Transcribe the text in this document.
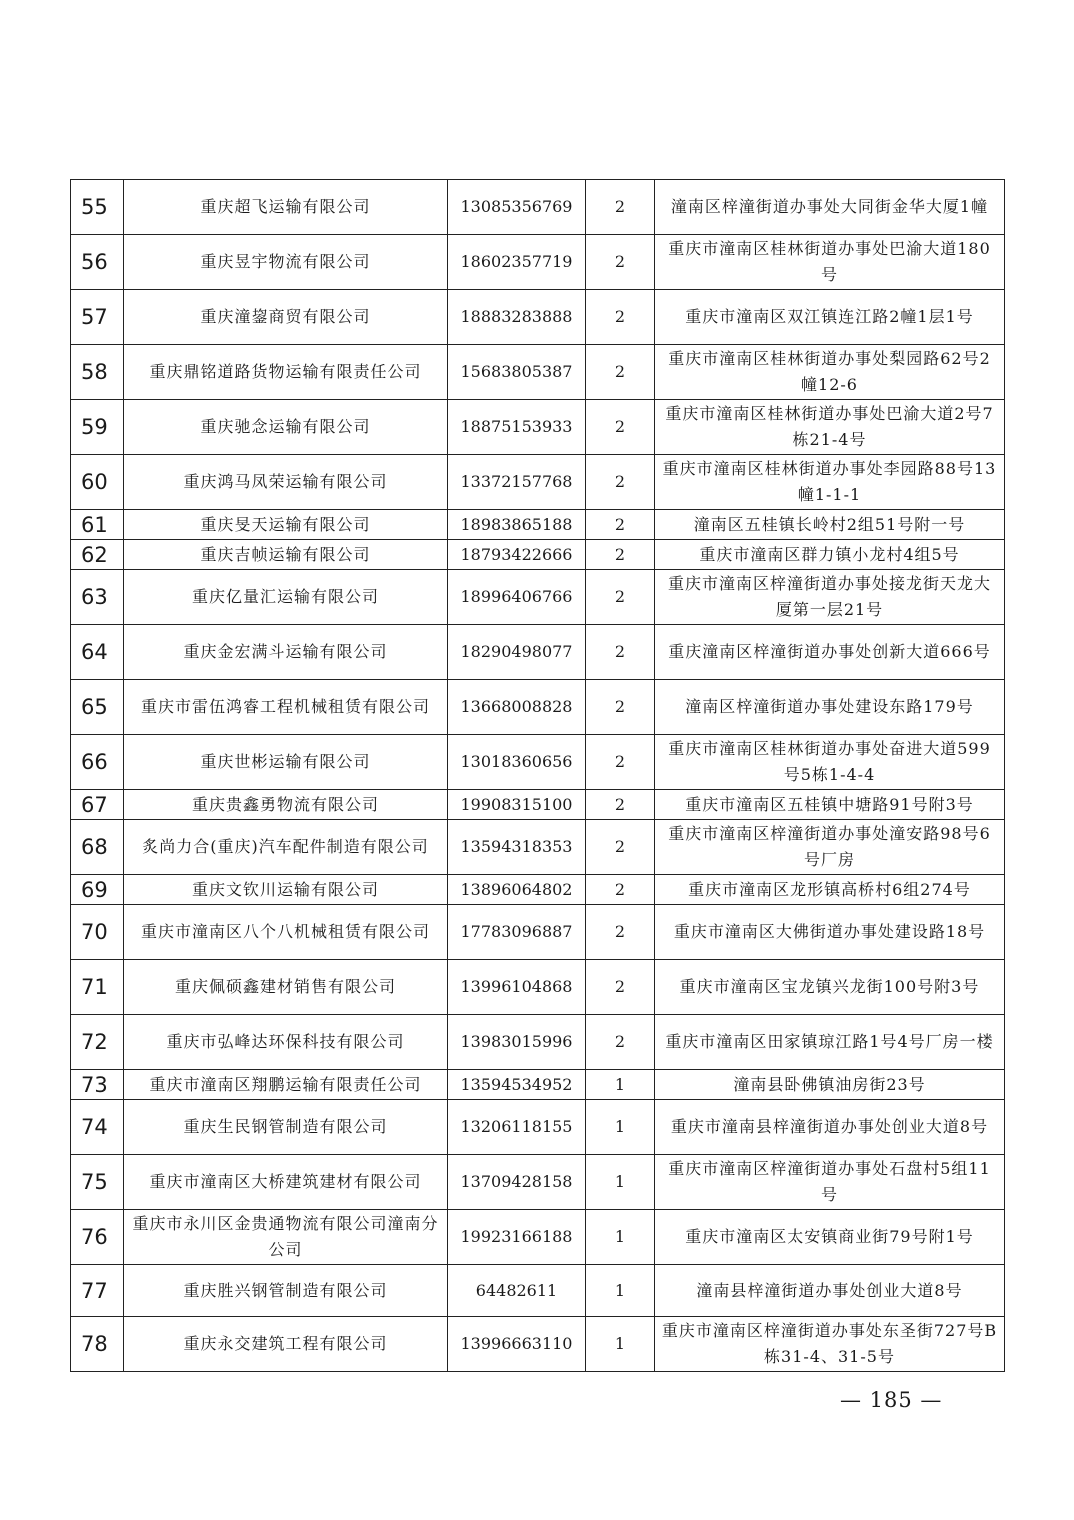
55	重庆超飞运输有限公司	13085356769	2	潼南区梓潼街道办事处大同街金华大厦1幢
56	重庆昱宇物流有限公司	18602357719	2	重庆市潼南区桂林街道办事处巴渝大道180号
57	重庆潼鋆商贸有限公司	18883283888	2	重庆市潼南区双江镇连江路2幢1层1号
58	重庆鼎铭道路货物运输有限责任公司	15683805387	2	重庆市潼南区桂林街道办事处梨园路62号2幢12-6
59	重庆驰念运输有限公司	18875153933	2	重庆市潼南区桂林街道办事处巴渝大道2号7栋21-4号
60	重庆鸿马凤荣运输有限公司	13372157768	2	重庆市潼南区桂林街道办事处李园路88号13幢1-1-1
61	重庆旻天运输有限公司	18983865188	2	潼南区五桂镇长岭村2组51号附一号
62	重庆吉帧运输有限公司	18793422666	2	重庆市潼南区群力镇小龙村4组5号
63	重庆亿量汇运输有限公司	18996406766	2	重庆市潼南区梓潼街道办事处接龙街天龙大厦第一层21号
64	重庆金宏满斗运输有限公司	18290498077	2	重庆潼南区梓潼街道办事处创新大道666号
65	重庆市雷伍鸿睿工程机械租赁有限公司	13668008828	2	潼南区梓潼街道办事处建设东路179号
66	重庆世彬运输有限公司	13018360656	2	重庆市潼南区桂林街道办事处奋进大道599号5栋1-4-4
67	重庆贵鑫勇物流有限公司	19908315100	2	重庆市潼南区五桂镇中塘路91号附3号
68	炙尚力合(重庆)汽车配件制造有限公司	13594318353	2	重庆市潼南区梓潼街道办事处潼安路98号6号厂房
69	重庆文钦川运输有限公司	13896064802	2	重庆市潼南区龙形镇高桥村6组274号
70	重庆市潼南区八个八机械租赁有限公司	17783096887	2	重庆市潼南区大佛街道办事处建设路18号
71	重庆佩硕鑫建材销售有限公司	13996104868	2	重庆市潼南区宝龙镇兴龙街100号附3号
72	重庆市弘峰达环保科技有限公司	13983015996	2	重庆市潼南区田家镇琼江路1号4号厂房一楼
73	重庆市潼南区翔鹏运输有限责任公司	13594534952	1	潼南县卧佛镇油房街23号
74	重庆生民钢管制造有限公司	13206118155	1	重庆市潼南县梓潼街道办事处创业大道8号
75	重庆市潼南区大桥建筑建材有限公司	13709428158	1	重庆市潼南区梓潼街道办事处石盘村5组11号
76	重庆市永川区金贵通物流有限公司潼南分公司	19923166188	1	重庆市潼南区太安镇商业街79号附1号
77	重庆胜兴钢管制造有限公司	64482611	1	潼南县梓潼街道办事处创业大道8号
78	重庆永交建筑工程有限公司	13996663110	1	重庆市潼南区梓潼街道办事处东圣街727号B栋31-4、31-5号
— 185 —
